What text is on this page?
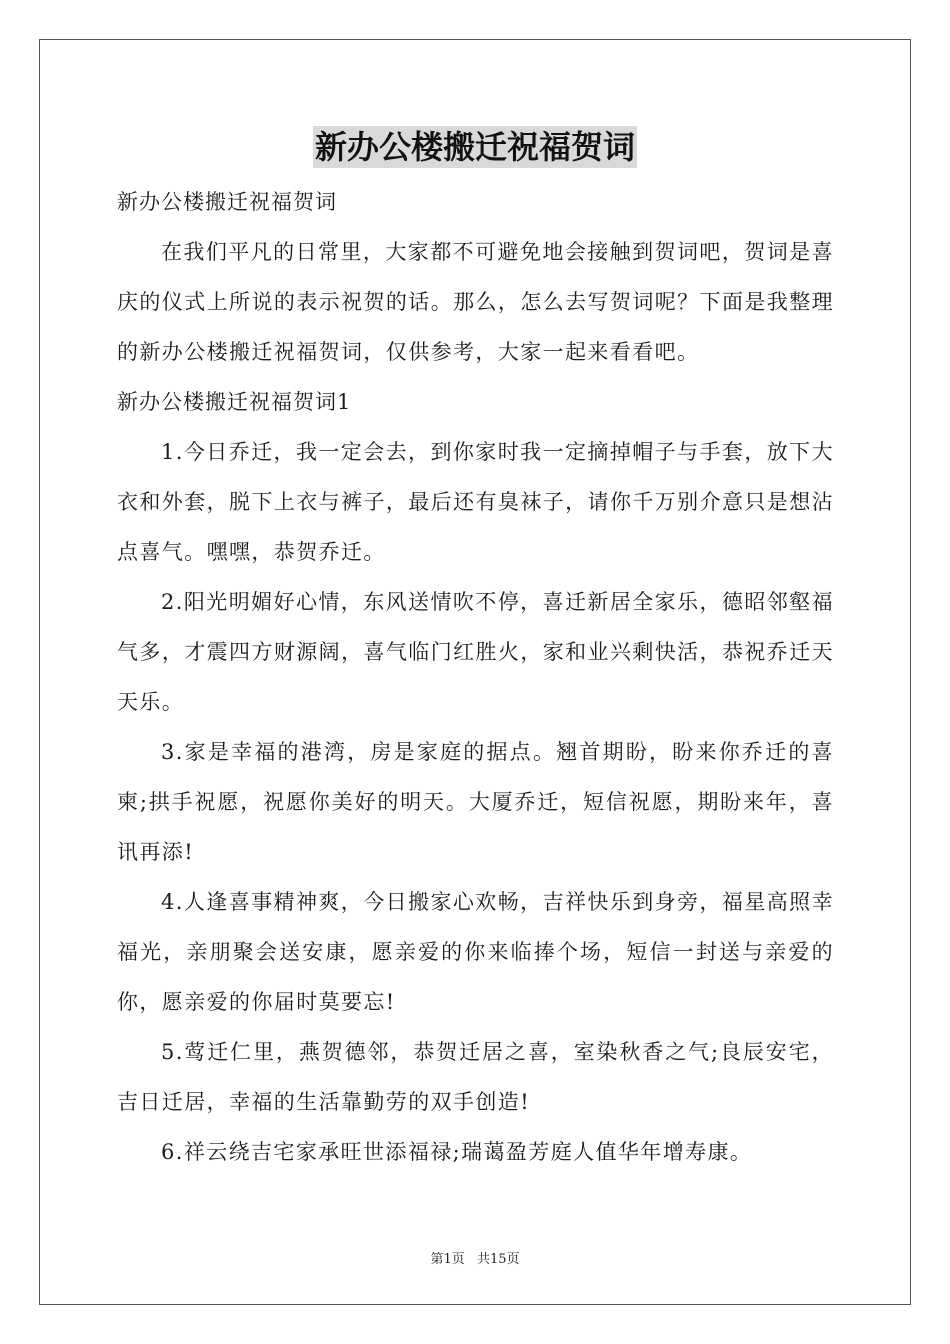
新办公楼搬迁祝福贺词

新办公楼搬迁祝福贺词

在我们平凡的日常里，大家都不可避免地会接触到贺词吧，贺词是喜庆的仪式上所说的表示祝贺的话。那么，怎么去写贺词呢？下面是我整理的新办公楼搬迁祝福贺词，仅供参考，大家一起来看看吧。

新办公楼搬迁祝福贺词1

1.今日乔迁，我一定会去，到你家时我一定摘掉帽子与手套，放下大衣和外套，脱下上衣与裤子，最后还有臭袜子，请你千万别介意只是想沾点喜气。嘿嘿，恭贺乔迁。

2.阳光明媚好心情，东风送情吹不停，喜迁新居全家乐，德昭邻壑福气多，才震四方财源阔，喜气临门红胜火，家和业兴剩快活，恭祝乔迁天天乐。

3.家是幸福的港湾，房是家庭的据点。翘首期盼，盼来你乔迁的喜柬;拱手祝愿，祝愿你美好的明天。大厦乔迁，短信祝愿，期盼来年，喜讯再添!

4.人逢喜事精神爽，今日搬家心欢畅，吉祥快乐到身旁，福星高照幸福光，亲朋聚会送安康，愿亲爱的你来临捧个场，短信一封送与亲爱的你，愿亲爱的你届时莫要忘!

5.莺迁仁里，燕贺德邻，恭贺迁居之喜，室染秋香之气;良辰安宅，吉日迁居，幸福的生活靠勤劳的双手创造!

6.祥云绕吉宅家承旺世添福禄;瑞蔼盈芳庭人值华年增寿康。

第1页 共15页
